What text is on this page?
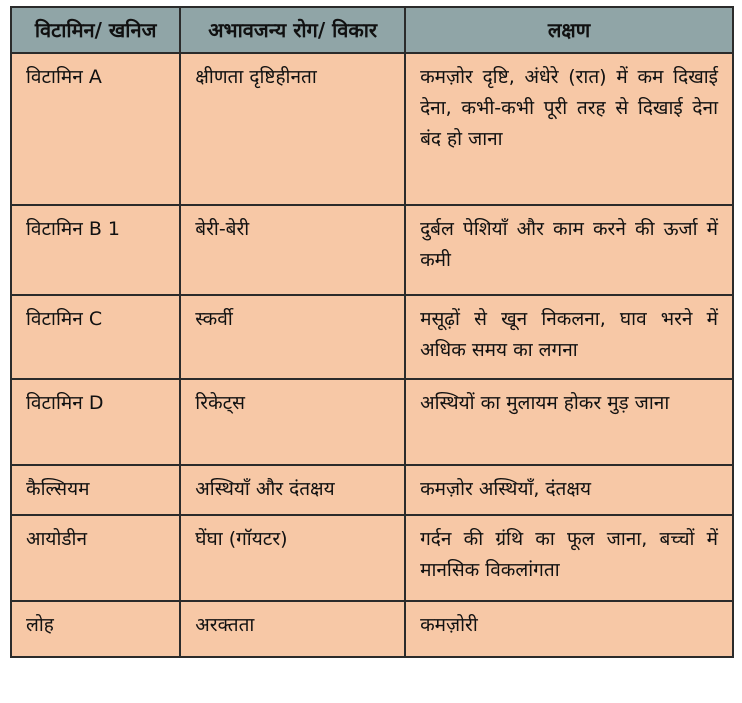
विटामिन/ खनिज	अभावजन्य रोग/ विकार	लक्षण
विटामिन A	क्षीणता दृष्टिहीनता	कमज़ोर दृष्टि, अंधेरे (रात) में कम दिखाई देना, कभी-कभी पूरी तरह से दिखाई देना बंद हो जाना
विटामिन B 1	बेरी-बेरी	दुर्बल पेशियाँ और काम करने की ऊर्जा में कमी
विटामिन C	स्कर्वी	मसूढ़ों से खून निकलना, घाव भरने में अधिक समय का लगना
विटामिन D	रिकेट्स	अस्थियों का मुलायम होकर मुड़ जाना
कैल्सियम	अस्थियाँ और दंतक्षय	कमज़ोर अस्थियाँ, दंतक्षय
आयोडीन	घेंघा (गॉयटर)	गर्दन की ग्रंथि का फूल जाना, बच्चों में मानसिक विकलांगता
लोह	अरक्तता	कमज़ोरी
